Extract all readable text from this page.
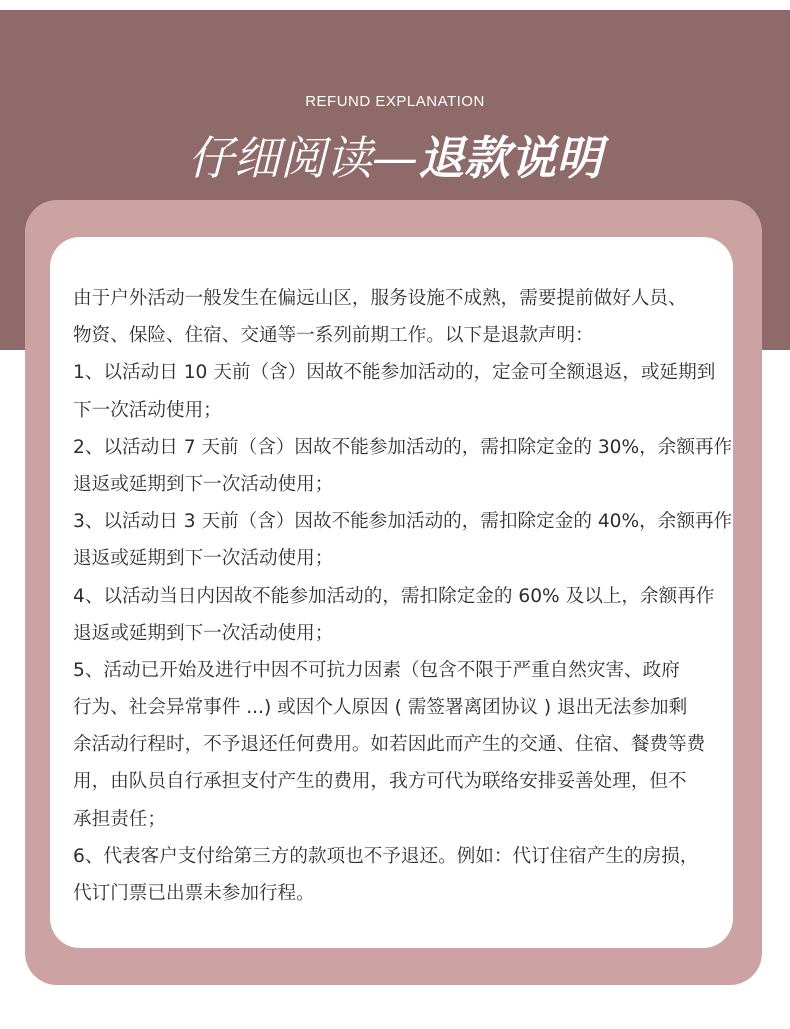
REFUND EXPLANATION
仔细阅读—退款说明
由于户外活动一般发生在偏远山区，服务设施不成熟，需要提前做好人员、
物资、保险、住宿、交通等一系列前期工作。以下是退款声明：
1、以活动日 10 天前（含）因故不能参加活动的，定金可全额退返，或延期到
下一次活动使用；
2、以活动日 7 天前（含）因故不能参加活动的，需扣除定金的 30%，余额再作
退返或延期到下一次活动使用；
3、以活动日 3 天前（含）因故不能参加活动的，需扣除定金的 40%，余额再作
退返或延期到下一次活动使用；
4、以活动当日内因故不能参加活动的，需扣除定金的 60% 及以上，余额再作
退返或延期到下一次活动使用；
5、活动已开始及进行中因不可抗力因素（包含不限于严重自然灾害、政府
行为、社会异常事件 ...) 或因个人原因 ( 需签署离团协议 ) 退出无法参加剩
余活动行程时，不予退还任何费用。如若因此而产生的交通、住宿、餐费等费
用，由队员自行承担支付产生的费用，我方可代为联络安排妥善处理，但不
承担责任；
6、代表客户支付给第三方的款项也不予退还。例如：代订住宿产生的房损，
代订门票已出票未参加行程。
